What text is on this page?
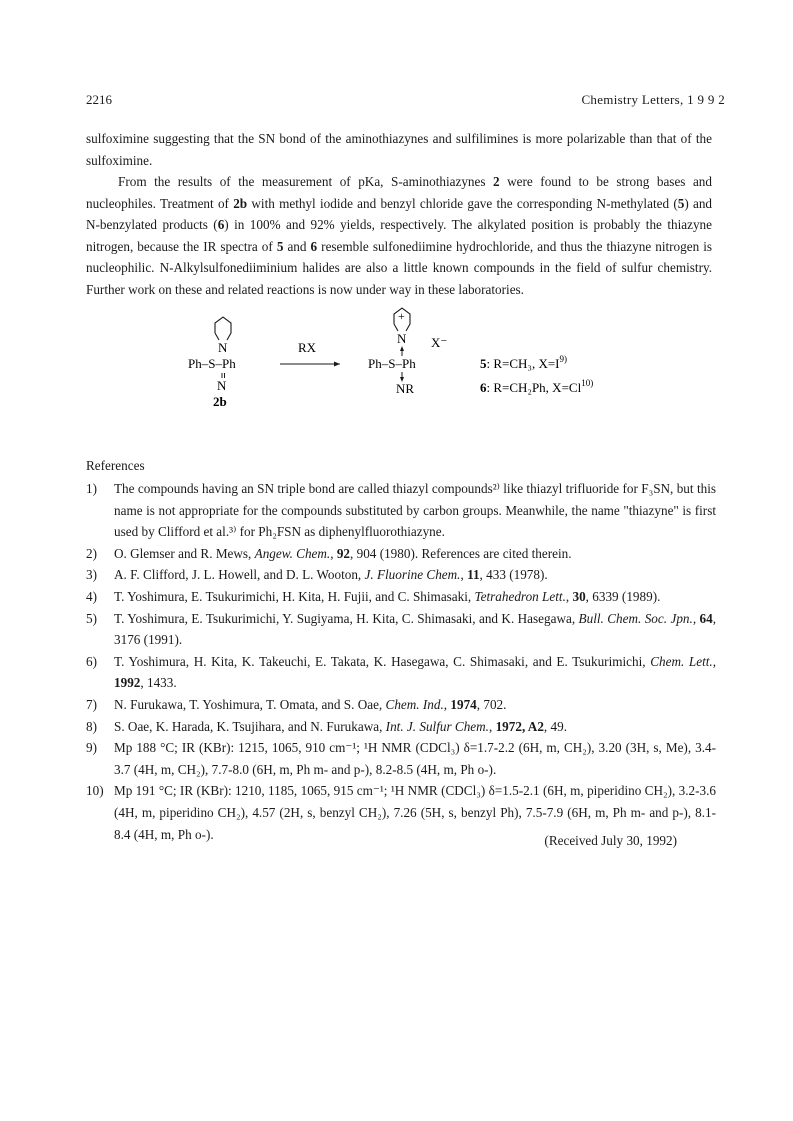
2216	Chemistry Letters, 1 9 9 2
sulfoximine suggesting that the SN bond of the aminothiazynes and sulfilimines is more polarizable than that of the sulfoximine.
From the results of the measurement of pKa, S-aminothiazynes 2 were found to be strong bases and nucleophiles. Treatment of 2b with methyl iodide and benzyl chloride gave the corresponding N-methylated (5) and N-benzylated products (6) in 100% and 92% yields, respectively. The alkylated position is probably the thiazyne nitrogen, because the IR spectra of 5 and 6 resemble sulfonediimine hydrochloride, and thus the thiazyne nitrogen is nucleophilic. N-Alkylsulfonediiminium halides are also a little known compounds in the field of sulfur chemistry. Further work on these and related reactions is now under way in these laboratories.
N
Ph–S–Ph
N
2b
RX
+
N X⁻
Ph–S–Ph
NR
5: R=CH₃, $X=I^{9)}$
6: R=CH₂Ph, $X=Cl^{10)}$
References
1)	The compounds having an SN triple bond are called thiazyl compounds²⁾ like thiazyl trifluoride for F₃SN, but this name is not appropriate for the compounds substituted by carbon groups. Meanwhile, the name "thiazyne" is first used by Clifford et al.³⁾ for Ph₂FSN as diphenylfluorothiazyne.
2)	O. Glemser and R. Mews, Angew. Chem., 92, 904 (1980). References are cited therein.
3)	A. F. Clifford, J. L. Howell, and D. L. Wooton, J. Fluorine Chem., 11, 433 (1978).
4)	T. Yoshimura, E. Tsukurimichi, H. Kita, H. Fujii, and C. Shimasaki, Tetrahedron Lett., 30, 6339 (1989).
5)	T. Yoshimura, E. Tsukurimichi, Y. Sugiyama, H. Kita, C. Shimasaki, and K. Hasegawa, Bull. Chem. Soc. Jpn., 64, 3176 (1991).
6)	T. Yoshimura, H. Kita, K. Takeuchi, E. Takata, K. Hasegawa, C. Shimasaki, and E. Tsukurimichi, Chem. Lett., 1992, 1433.
7)	N. Furukawa, T. Yoshimura, T. Omata, and S. Oae, Chem. Ind., 1974, 702.
8)	S. Oae, K. Harada, K. Tsujihara, and N. Furukawa, Int. J. Sulfur Chem., 1972, A2, 49.
9)	Mp 188 °C; IR (KBr): 1215, 1065, 910 cm⁻¹; ¹H NMR (CDCl₃) δ=1.7-2.2 (6H, m, CH₂), 3.20 (3H, s, Me), 3.4-3.7 (4H, m, CH₂), 7.7-8.0 (6H, m, Ph m- and p-), 8.2-8.5 (4H, m, Ph o-).
10) Mp 191 °C; IR (KBr): 1210, 1185, 1065, 915 cm⁻¹; ¹H NMR (CDCl₃) δ=1.5-2.1 (6H, m, piperidino CH₂), 3.2-3.6 (4H, m, piperidino CH₂), 4.57 (2H, s, benzyl CH₂), 7.26 (5H, s, benzyl Ph), 7.5-7.9 (6H, m, Ph m- and p-), 8.1-8.4 (4H, m, Ph o-).	(Received July 30, 1992)
